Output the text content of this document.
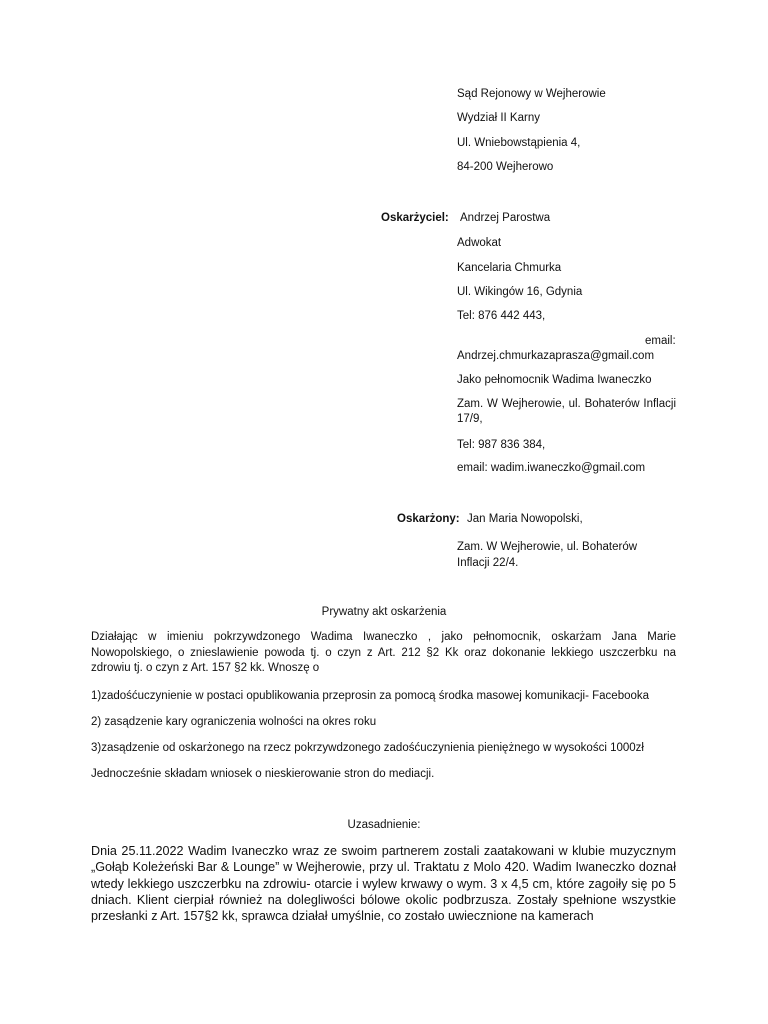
Sąd Rejonowy w Wejherowie
Wydział II Karny
Ul. Wniebowstąpienia 4,
84-200 Wejherowo
Oskarżyciel: Andrzej Parostwa
Adwokat
Kancelaria Chmurka
Ul. Wikingów 16, Gdynia
Tel: 876 442 443,
email:
Andrzej.chmurkazaprasza@gmail.com
Jako pełnomocnik Wadima Iwaneczko
Zam. W Wejherowie, ul. Bohaterów Inflacji 17/9,
Tel: 987 836 384,
email: wadim.iwaneczko@gmail.com
Oskarżony: Jan Maria Nowopolski,
Zam. W Wejherowie, ul. Bohaterów Inflacji 22/4.
Prywatny akt oskarżenia
Działając w imieniu pokrzywdzonego Wadima Iwaneczko , jako pełnomocnik, oskarżam Jana Marie Nowopolskiego, o znieslawienie powoda tj. o czyn z Art. 212 §2 Kk oraz dokonanie lekkiego uszczerbku na zdrowiu tj. o czyn z Art. 157 §2 kk. Wnoszę o
1)zadośćuczynienie w postaci opublikowania przeprosin za pomocą środka masowej komunikacji- Facebooka
2) zasądzenie kary ograniczenia wolności na okres roku
3)zasądzenie od oskarżonego na rzecz pokrzywdzonego zadośćuczynienia pieniężnego w wysokości 1000zł
Jednocześnie składam wniosek o nieskierowanie stron do mediacji.
Uzasadnienie:
Dnia 25.11.2022 Wadim Ivaneczko wraz ze swoim partnerem zostali zaatakowani w klubie muzycznym „Gołąb Koleżeński Bar & Lounge” w Wejherowie, przy ul. Traktatu z Molo 420. Wadim Iwaneczko doznał wtedy lekkiego uszczerbku na zdrowiu- otarcie i wylew krwawy o wym. 3 x 4,5 cm, które zagoiły się po 5 dniach. Klient cierpiał również na dolegliwości bólowe okolic podbrzusza. Zostały spełnione wszystkie przesłanki z Art. 157§2 kk, sprawca działał umyślnie, co zostało uwiecznione na kamerach
